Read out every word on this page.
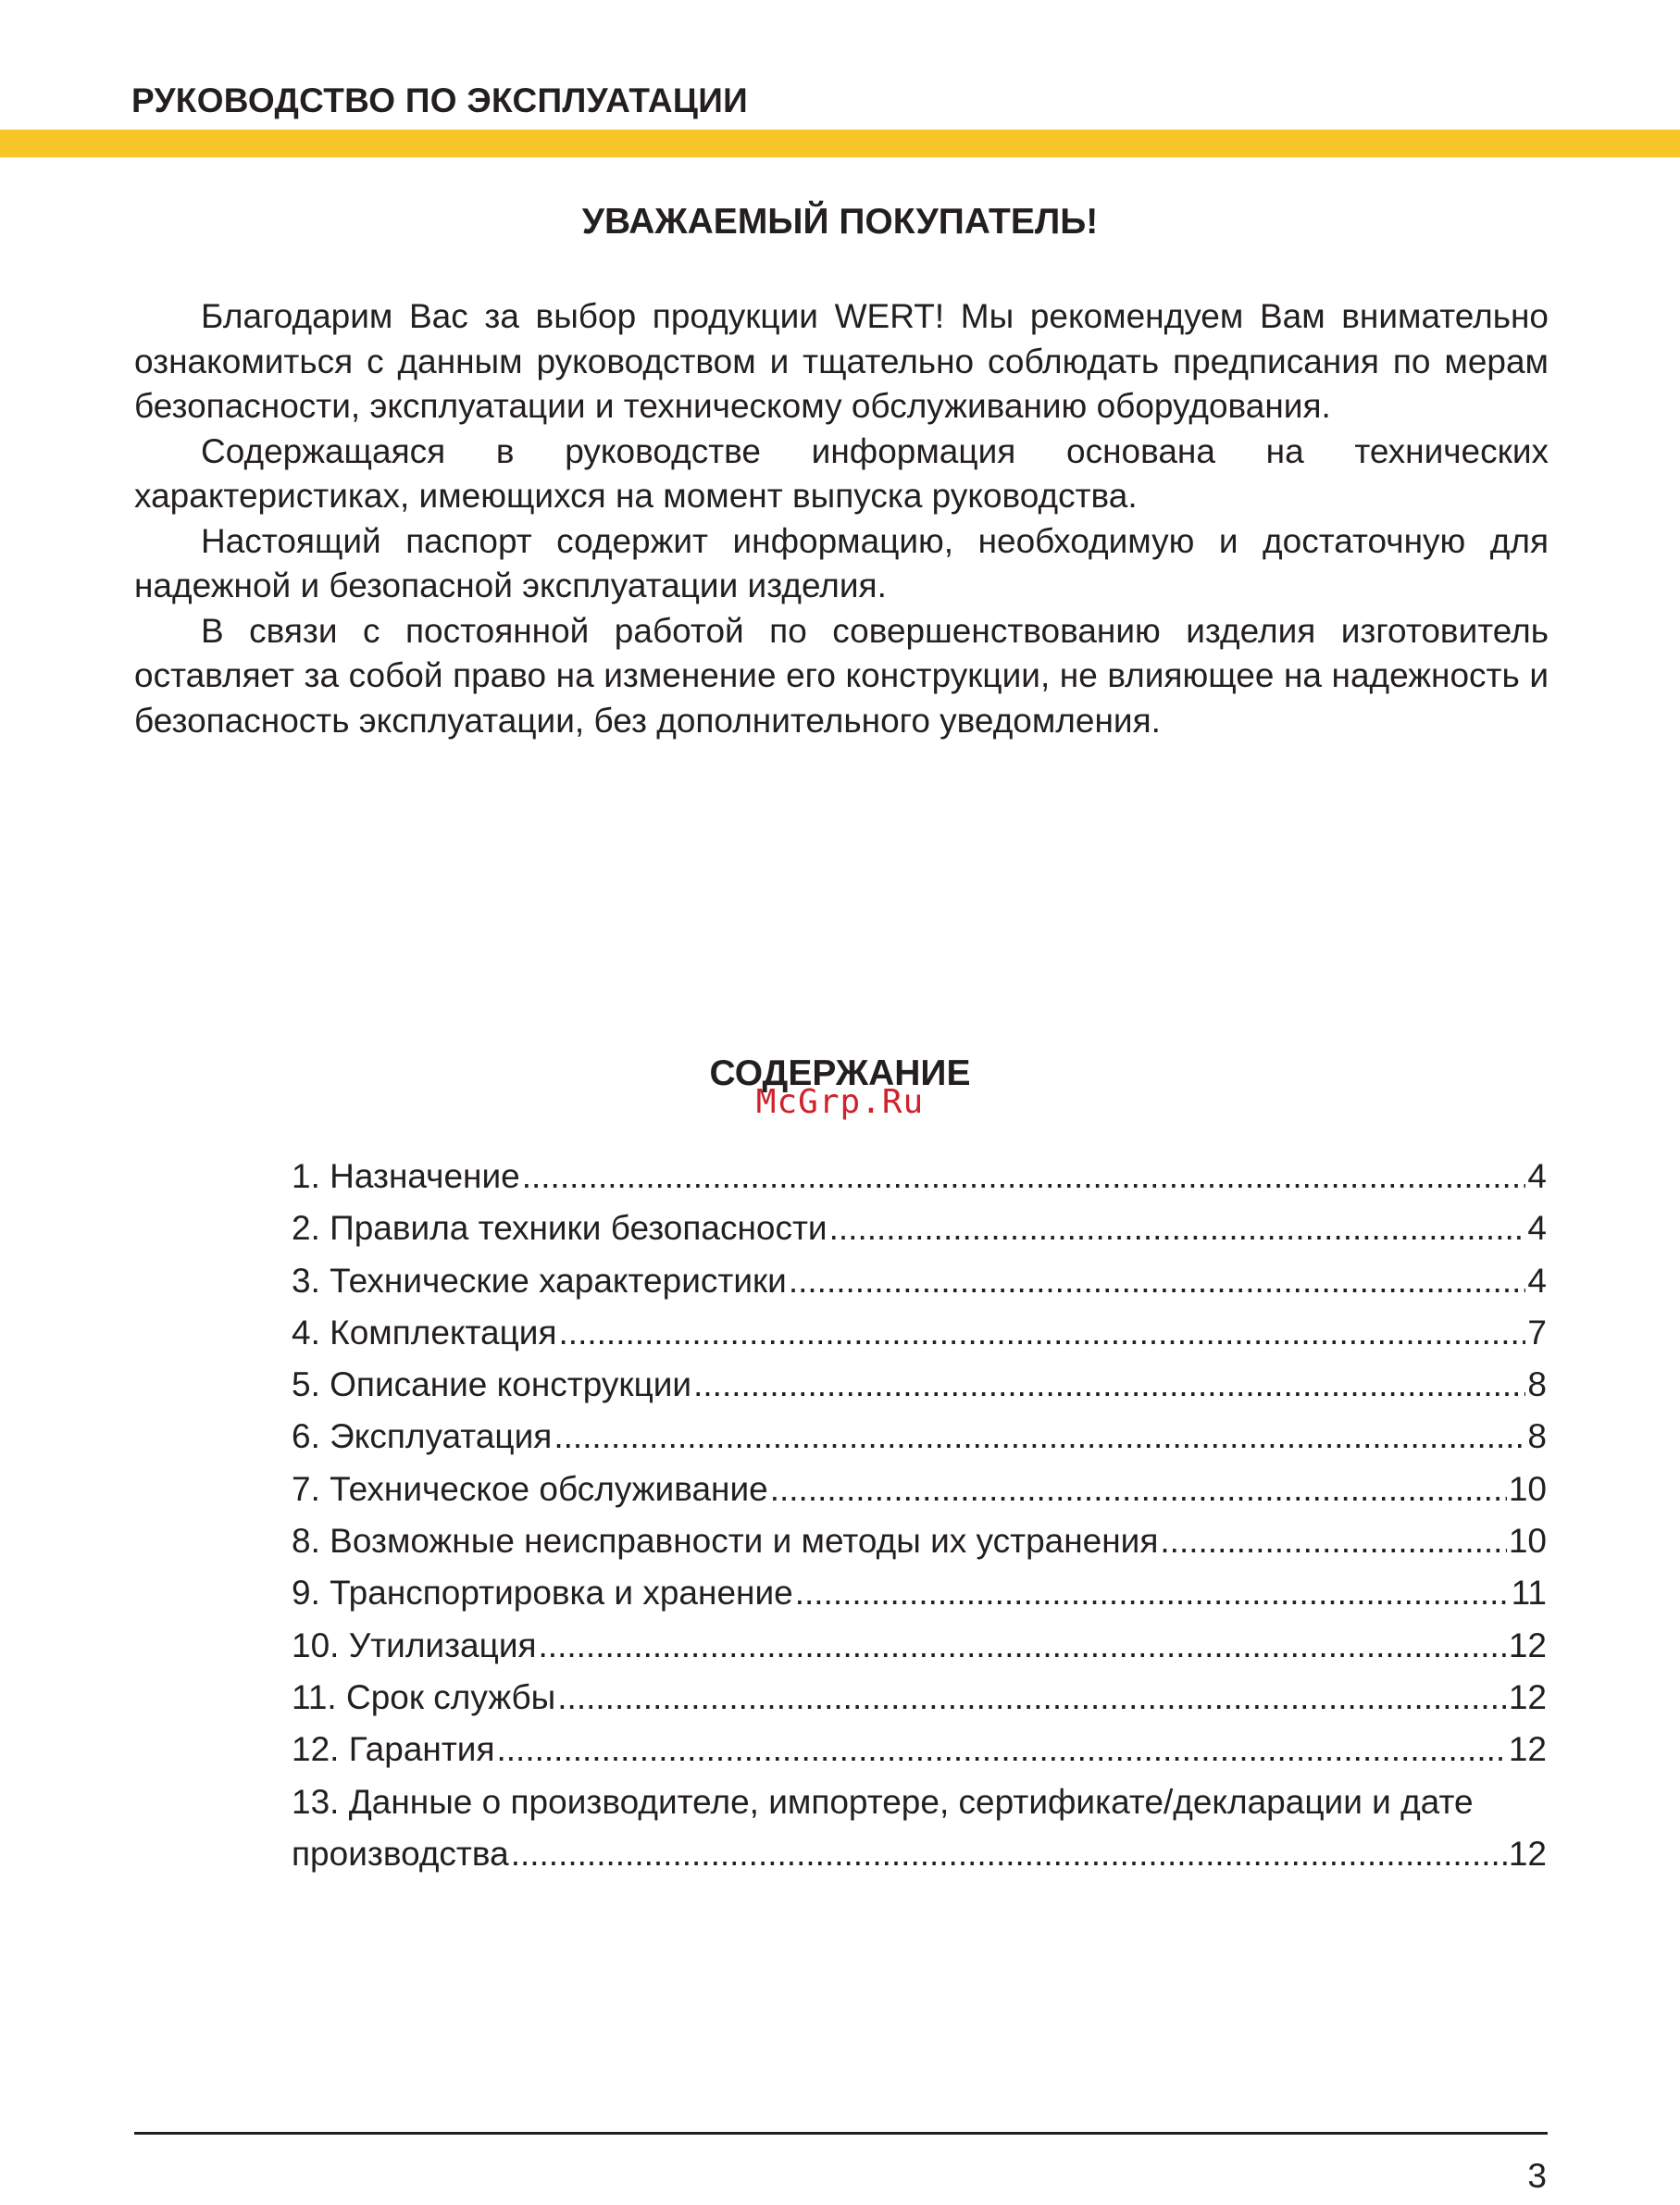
РУКОВОДСТВО ПО ЭКСПЛУАТАЦИИ
УВАЖАЕМЫЙ ПОКУПАТЕЛЬ!

Благодарим Вас за выбор продукции WERT! Мы рекомендуем Вам внимательно ознакомиться с данным руководством и тщательно соблюдать предписания по мерам безопасности, эксплуатации и техническому обслуживанию оборудования.

Содержащаяся в руководстве информация основана на технических характеристиках, имеющихся на момент выпуска руководства.

Настоящий паспорт содержит информацию, необходимую и достаточную для надежной и безопасной эксплуатации изделия.

В связи с постоянной работой по совершенствованию изделия изготовитель оставляет за собой право на изменение его конструкции, не влияющее на надежность и безопасность эксплуатации, без дополнительного уведомления.

СОДЕРЖАНИЕ
McGrp.Ru
1. Назначение .....	4
2. Правила техники безопасности .....	4
3. Технические характеристики .....	4
4. Комплектация .....	7
5. Описание конструкции .....	8
6. Эксплуатация .....	8
7. Техническое обслуживание .....	10
8. Возможные неисправности и методы их устранения .....	10
9. Транспортировка и хранение .....	11
10. Утилизация .....	12
11. Срок службы .....	12
12. Гарантия .....	12
13. Данные о производителе, импортере, сертификате/декларации и дате
производства .....	12
3
